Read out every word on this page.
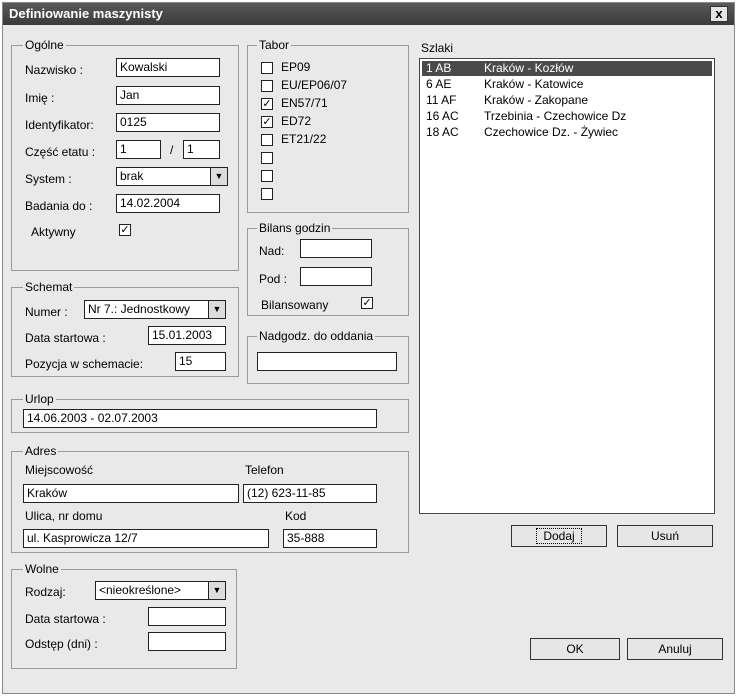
Definiowanie maszynisty	x
Ogólne
Nazwisko :	Kowalski
Imię :	Jan
Identyfikator:	0125
Część etatu :	1	/	1
System :	brak	▼
Badania do :	14.02.2004
Aktywny	✓
Tabor
EP09
EU/EP06/07
✓ EN57/71
✓ ED72
ET21/22
Bilans godzin
Nad:
Pod :
Bilansowany	✓
Schemat
Numer :	Nr 7.: Jednostkowy	▼
Data startowa :	15.01.2003
Pozycja w schemacie:	15
Nadgodz. do oddania
Urlop
14.06.2003 - 02.07.2003
Adres
Miejscowość
Kraków
Telefon
(12) 623-11-85
Ulica, nr domu
ul. Kasprowicza 12/7
Kod
35-888
Wolne
Rodzaj:	<nieokreślone>	▼
Data startowa :
Odstęp (dni) :
Szlaki
1 AB	Kraków - Kozłów
6 AE	Kraków - Katowice
11 AF Kraków - Zakopane
16 AC Trzebinia - Czechowice Dz
18 AC Czechowice Dz. - Żywiec
Dodaj	Usuń
OK	Anuluj
